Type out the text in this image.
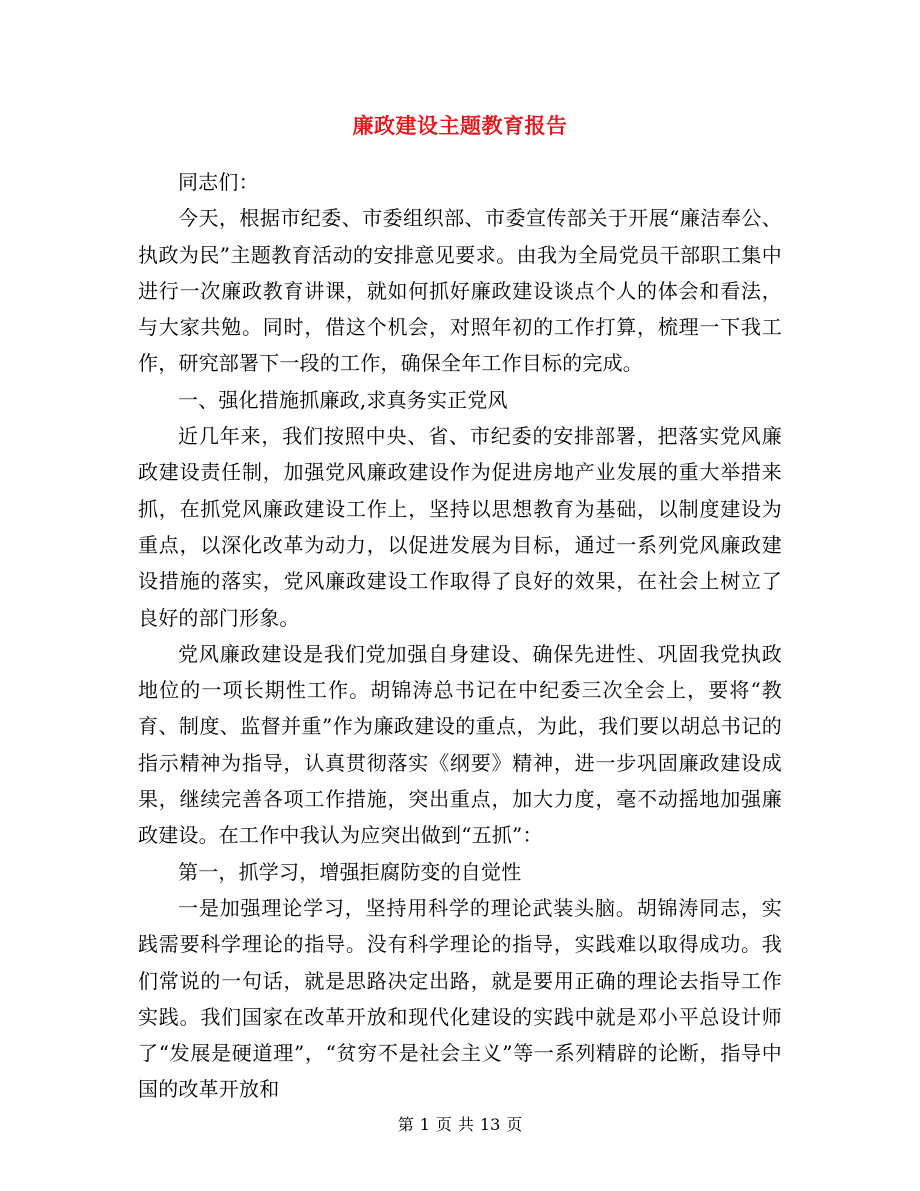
廉政建设主题教育报告

同志们：

今天，根据市纪委、市委组织部、市委宣传部关于开展“廉洁奉公、执政为民”主题教育活动的安排意见要求。由我为全局党员干部职工集中进行一次廉政教育讲课，就如何抓好廉政建设谈点个人的体会和看法，与大家共勉。同时，借这个机会，对照年初的工作打算，梳理一下我工作，研究部署下一段的工作，确保全年工作目标的完成。

一、强化措施抓廉政,求真务实正党风

近几年来，我们按照中央、省、市纪委的安排部署，把落实党风廉政建设责任制，加强党风廉政建设作为促进房地产业发展的重大举措来抓，在抓党风廉政建设工作上，坚持以思想教育为基础，以制度建设为重点，以深化改革为动力，以促进发展为目标，通过一系列党风廉政建设措施的落实，党风廉政建设工作取得了良好的效果，在社会上树立了良好的部门形象。

党风廉政建设是我们党加强自身建设、确保先进性、巩固我党执政地位的一项长期性工作。胡锦涛总书记在中纪委三次全会上，要将“教育、制度、监督并重”作为廉政建设的重点，为此，我们要以胡总书记的指示精神为指导，认真贯彻落实《纲要》精神，进一步巩固廉政建设成果，继续完善各项工作措施，突出重点，加大力度，毫不动摇地加强廉政建设。在工作中我认为应突出做到“五抓”：

第一，抓学习，增强拒腐防变的自觉性

一是加强理论学习，坚持用科学的理论武装头脑。胡锦涛同志，实践需要科学理论的指导。没有科学理论的指导，实践难以取得成功。我们常说的一句话，就是思路决定出路，就是要用正确的理论去指导工作实践。我们国家在改革开放和现代化建设的实践中就是邓小平总设计师了“发展是硬道理”，“贫穷不是社会主义”等一系列精辟的论断，指导中国的改革开放和

第 1 页 共 13 页
